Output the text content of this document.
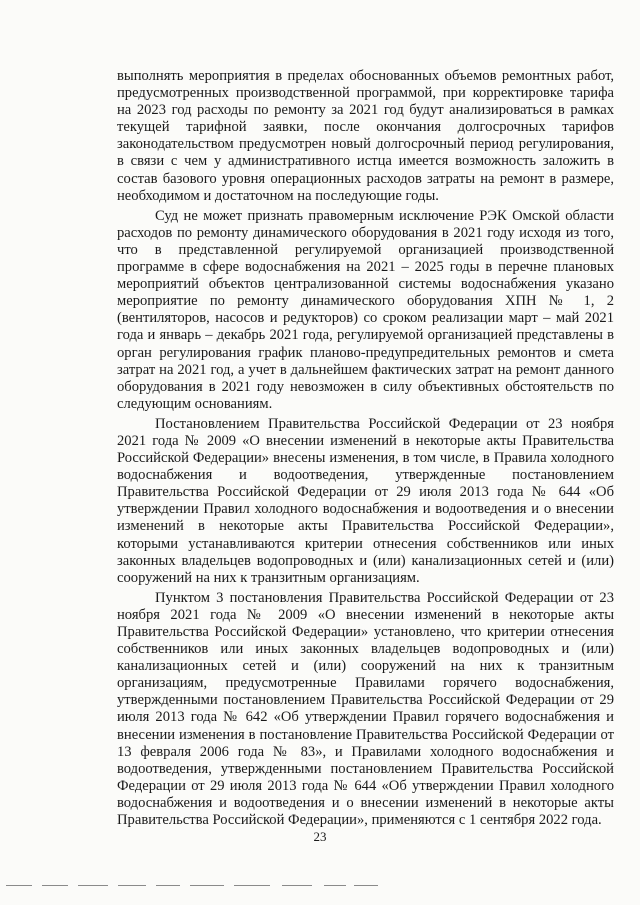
выполнять мероприятия в пределах обоснованных объемов ремонтных работ, предусмотренных производственной программой, при корректировке тарифа на 2023 год расходы по ремонту за 2021 год будут анализироваться в рамках текущей тарифной заявки, после окончания долгосрочных тарифов законодательством предусмотрен новый долгосрочный период регулирования, в связи с чем у административного истца имеется возможность заложить в состав базового уровня операционных расходов затраты на ремонт в размере, необходимом и достаточном на последующие годы.

Суд не может признать правомерным исключение РЭК Омской области расходов по ремонту динамического оборудования в 2021 году исходя из того, что в представленной регулируемой организацией производственной программе в сфере водоснабжения на 2021 – 2025 годы в перечне плановых мероприятий объектов централизованной системы водоснабжения указано мероприятие по ремонту динамического оборудования ХПН № 1, 2 (вентиляторов, насосов и редукторов) со сроком реализации март – май 2021 года и январь – декабрь 2021 года, регулируемой организацией представлены в орган регулирования график планово-предупредительных ремонтов и смета затрат на 2021 год, а учет в дальнейшем фактических затрат на ремонт данного оборудования в 2021 году невозможен в силу объективных обстоятельств по следующим основаниям.

Постановлением Правительства Российской Федерации от 23 ноября 2021 года № 2009 «О внесении изменений в некоторые акты Правительства Российской Федерации» внесены изменения, в том числе, в Правила холодного водоснабжения и водоотведения, утвержденные постановлением Правительства Российской Федерации от 29 июля 2013 года № 644 «Об утверждении Правил холодного водоснабжения и водоотведения и о внесении изменений в некоторые акты Правительства Российской Федерации», которыми устанавливаются критерии отнесения собственников или иных законных владельцев водопроводных и (или) канализационных сетей и (или) сооружений на них к транзитным организациям.

Пунктом 3 постановления Правительства Российской Федерации от 23 ноября 2021 года № 2009 «О внесении изменений в некоторые акты Правительства Российской Федерации» установлено, что критерии отнесения собственников или иных законных владельцев водопроводных и (или) канализационных сетей и (или) сооружений на них к транзитным организациям, предусмотренные Правилами горячего водоснабжения, утвержденными постановлением Правительства Российской Федерации от 29 июля 2013 года № 642 «Об утверждении Правил горячего водоснабжения и внесении изменения в постановление Правительства Российской Федерации от 13 февраля 2006 года № 83», и Правилами холодного водоснабжения и водоотведения, утвержденными постановлением Правительства Российской Федерации от 29 июля 2013 года № 644 «Об утверждении Правил холодного водоснабжения и водоотведения и о внесении изменений в некоторые акты Правительства Российской Федерации», применяются с 1 сентября 2022 года.

23
